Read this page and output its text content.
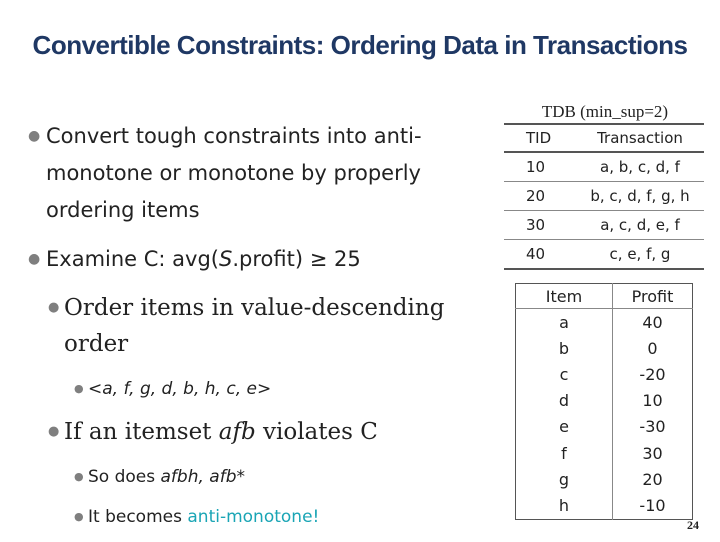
Convertible Constraints: Ordering Data in Transactions
● Convert tough constraints into anti-monotone or monotone by properly ordering items
● Examine C: avg(S.profit) ≥ 25
● Order items in value-descending order
● <a, f, g, d, b, h, c, e>
● If an itemset afb violates C
● So does afbh, afb*
● It becomes anti-monotone!
TDB (min_sup=2)
TID	Transaction
10	a, b, c, d, f
20	b, c, d, f, g, h
30	a, c, d, e, f
40	c, e, f, g
Item	Profit
a	40
b	0
c	-20
d	10
e	-30
f	30
g	20
h	-10
24
